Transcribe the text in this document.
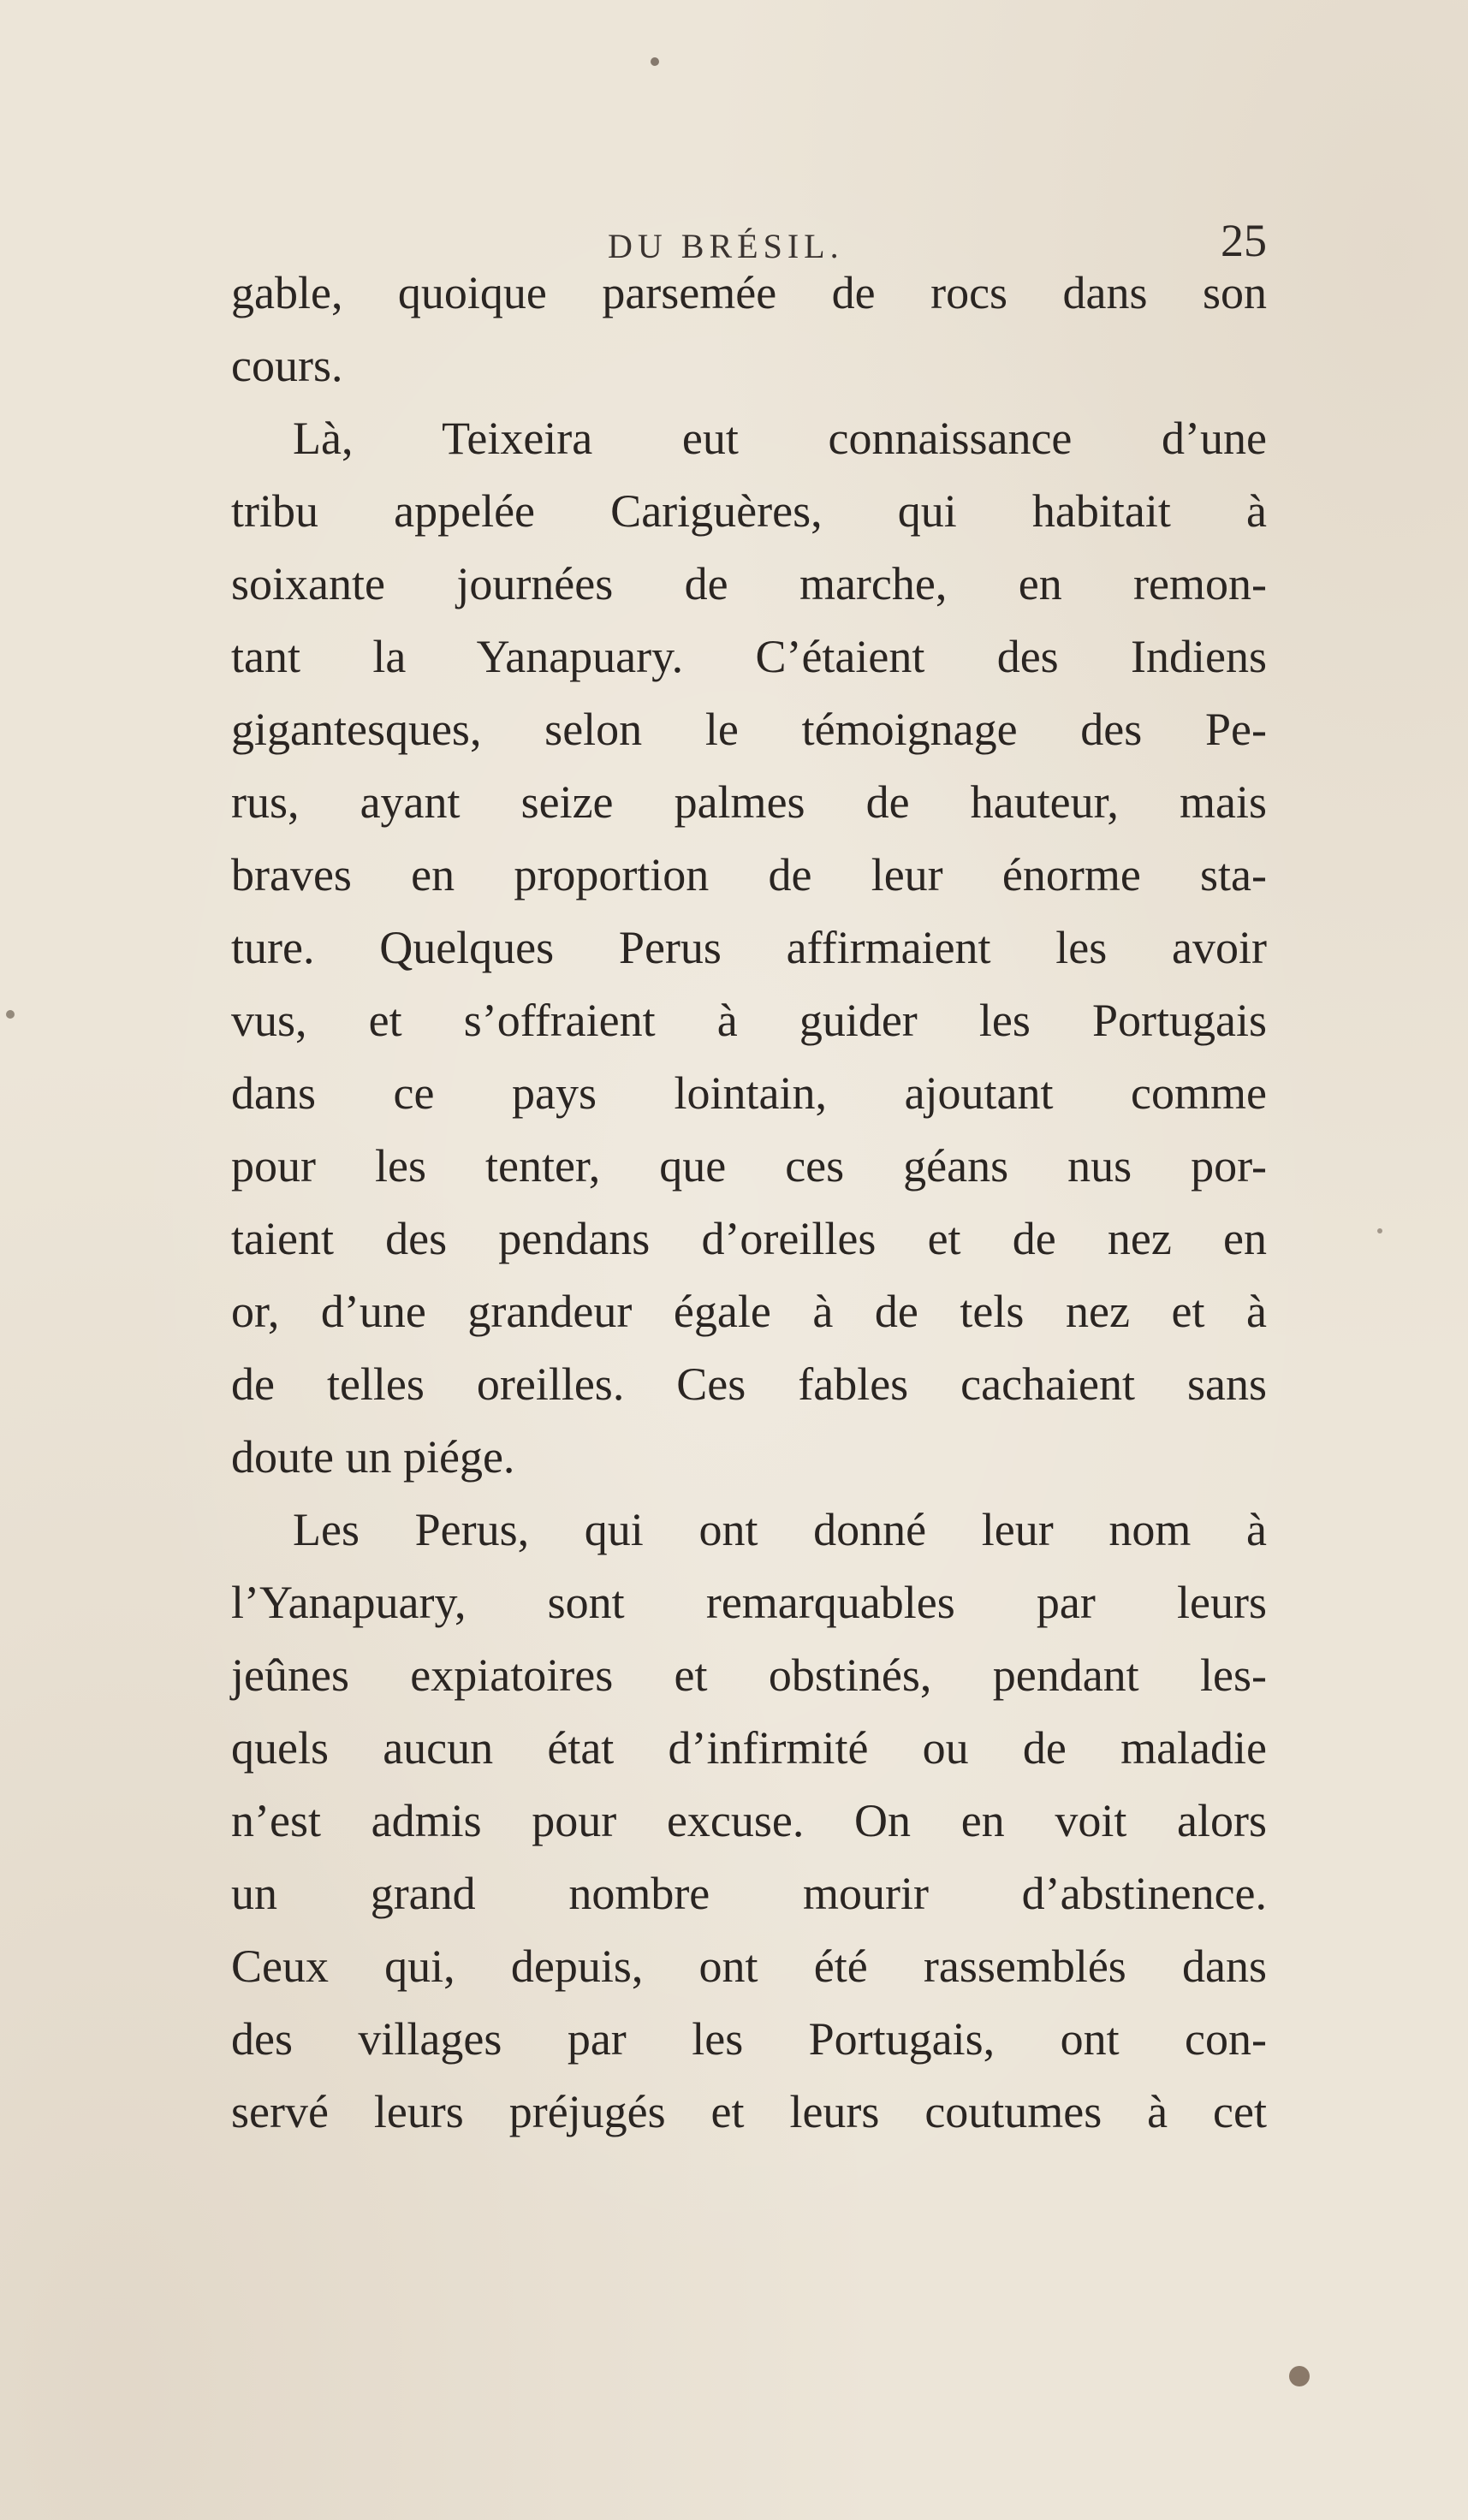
DU BRÉSIL.	25
gable, quoique parsemée de rocs dans son
cours.
Là, Teixeira eut connaissance d’une
tribu appelée Cariguères, qui habitait à
soixante journées de marche, en remon-
tant la Yanapuary. C’étaient des Indiens
gigantesques, selon le témoignage des Pe-
rus, ayant seize palmes de hauteur, mais
braves en proportion de leur énorme sta-
ture. Quelques Perus affirmaient les avoir
vus, et s’offraient à guider les Portugais
dans ce pays lointain, ajoutant comme
pour les tenter, que ces géans nus por-
taient des pendans d’oreilles et de nez en
or, d’une grandeur égale à de tels nez et à
de telles oreilles. Ces fables cachaient sans
doute un piége.
Les Perus, qui ont donné leur nom à
l’Yanapuary, sont remarquables par leurs
jeûnes expiatoires et obstinés, pendant les-
quels aucun état d’infirmité ou de maladie
n’est admis pour excuse. On en voit alors
un grand nombre mourir d’abstinence.
Ceux qui, depuis, ont été rassemblés dans
des villages par les Portugais, ont con-
servé leurs préjugés et leurs coutumes à cet
